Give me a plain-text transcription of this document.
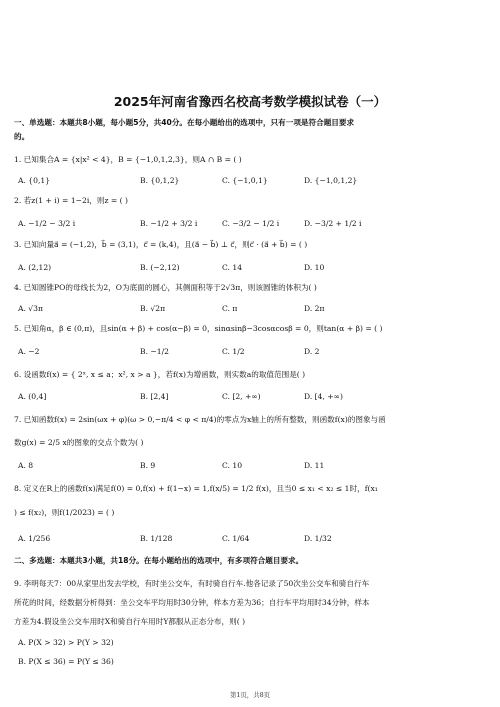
2025年河南省豫西名校高考数学模拟试卷（一）
一、单选题：本题共8小题，每小题5分，共40分。在每小题给出的选项中，只有一项是符合题目要求
的。
1. 已知集合A = {x|x² < 4}，B = {−1,0,1,2,3}，则A ∩ B = ( )
A. {0,1}	B. {0,1,2}	C. {−1,0,1}	D. {−1,0,1,2}
2. 若z(1 + i) = 1−2i，则z = ( )
A. −1/2 − 3/2 i	B. −1/2 + 3/2 i	C. −3/2 − 1/2 i	D. −3/2 + 1/2 i
3. 已知向量a⃗ = (−1,2)，b⃗ = (3,1)，c⃗ = (k,4)，且(a⃗ − b⃗) ⊥ c⃗，则c⃗ · (a⃗ + b⃗) = ( )
A. (2,12)	B. (−2,12)	C. 14	D. 10
4. 已知圆锥PO的母线长为2，O为底面的圆心，其侧面积等于2√3π，则该圆锥的体积为( )
A. √3π	B. √2π	C. π	D. 2π
5. 已知角α，β ∈ (0,π)，且sin(α + β) + cos(α−β) = 0，sinαsinβ−3cosαcosβ = 0，则tan(α + β) = ( )
A. −2	B. −1/2	C. 1/2	D. 2
6. 设函数f(x) = { 2ˣ, x ≤ a；x², x > a }，若f(x)为增函数，则实数a的取值范围是( )
A. (0,4]	B. [2,4]	C. [2, +∞)	D. [4, +∞)
7. 已知函数f(x) = 2sin(ωx + φ)(ω > 0,−π/4 < φ < π/4)的零点为x轴上的所有整数，则函数f(x)的图象与函
数g(x) = 2/5 x的图象的交点个数为( )
A. 8	B. 9	C. 10	D. 11
8. 定义在R上的函数f(x)满足f(0) = 0,f(x) + f(1−x) = 1,f(x/5) = 1/2 f(x)，且当0 ≤ x₁ < x₂ ≤ 1时，f(x₁
) ≤ f(x₂)，则f(1/2023) = ( )
A. 1/256	B. 1/128	C. 1/64	D. 1/32
二、多选题：本题共3小题，共18分。在每小题给出的选项中，有多项符合题目要求。
9. 李明每天7：00从家里出发去学校，有时坐公交车，有时骑自行车.他各记录了50次坐公交车和骑自行车
所花的时间，经数据分析得到：坐公交车平均用时30分钟，样本方差为36；自行车平均用时34分钟，样本
方差为4.假设坐公交车用时X和骑自行车用时Y都服从正态分布，则( )
A. P(X > 32) > P(Y > 32)
B. P(X ≤ 36) = P(Y ≤ 36)
第1页，共8页
